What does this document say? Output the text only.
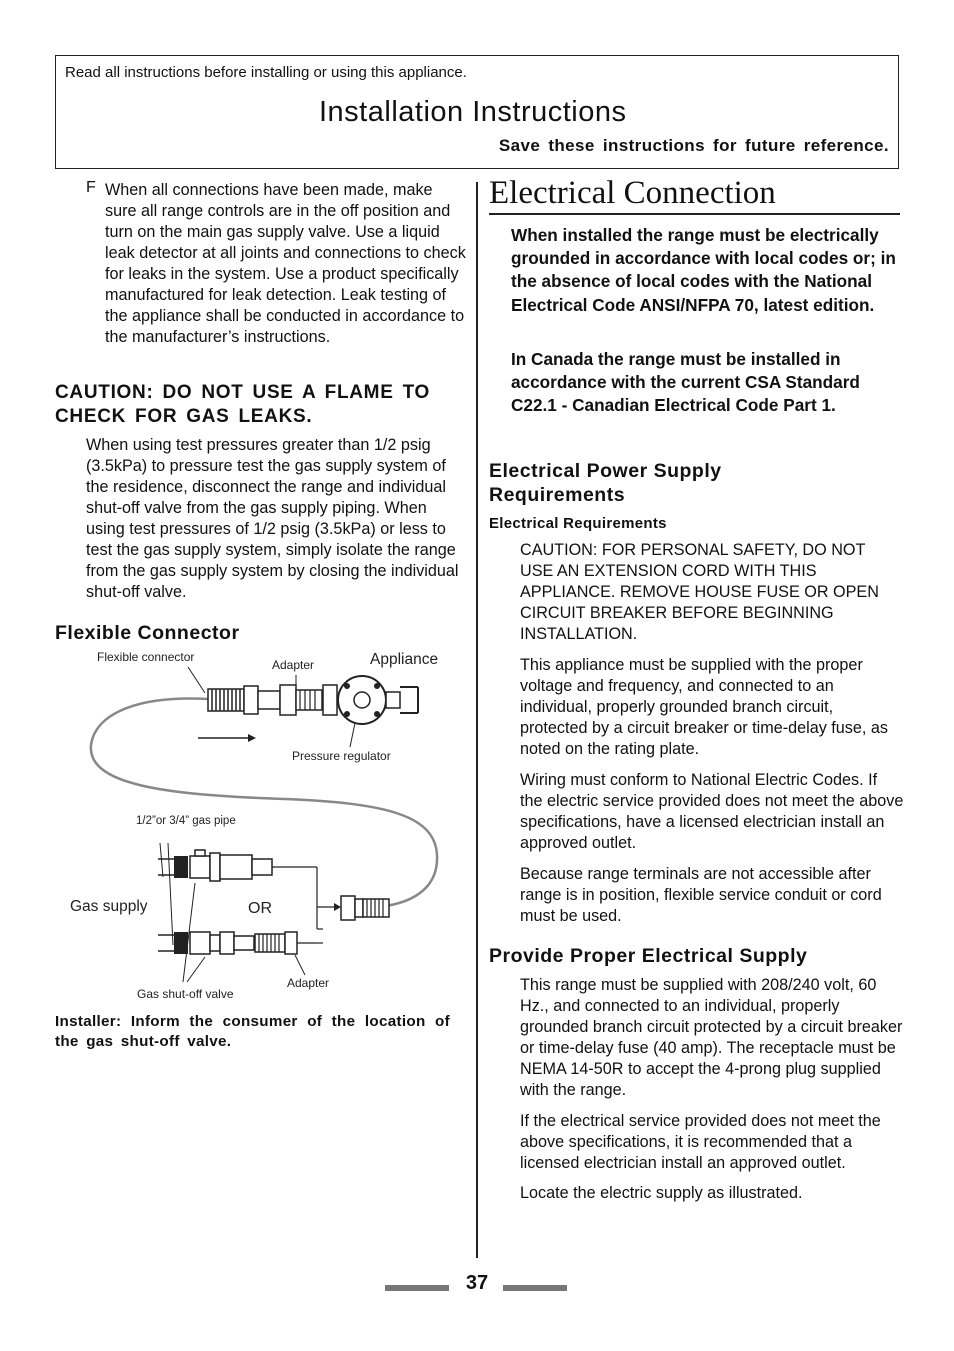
Read all instructions before installing or using this appliance.
Installation Instructions
Save these instructions for future reference.
F When all connections have been made, make sure all range controls are in the off position and turn on the main gas supply valve. Use a liquid leak detector at all joints and connections to check for leaks in the system. Use a product specifically manufactured for leak detection. Leak testing of the appliance shall be conducted in accordance to the manufacturer’s instructions.

CAUTION: DO NOT USE A FLAME TO CHECK FOR GAS LEAKS.

When using test pressures greater than 1/2 psig (3.5kPa) to pressure test the gas supply system of the residence, disconnect the range and individual shut-off valve from the gas supply piping. When using test pressures of 1/2 psig (3.5kPa) or less to test the gas supply system, simply isolate the range from the gas supply system by closing the individual shut-off valve.

Flexible Connector
Flexible connector
Adapter	Appliance
Pressure regulator
1/2”or 3/4” gas pipe
Gas supply	OR
Adapter
Gas shut-off valve

Installer: Inform the consumer of the location of the gas shut-off valve.

Electrical Connection

When installed the range must be electrically grounded in accordance with local codes or; in the absence of local codes with the National Electrical Code ANSI/NFPA 70, latest edition.

In Canada the range must be installed in accordance with the current CSA Standard C22.1 - Canadian Electrical Code Part 1.

Electrical Power Supply Requirements
Electrical Requirements

CAUTION: FOR PERSONAL SAFETY, DO NOT USE AN EXTENSION CORD WITH THIS APPLIANCE. REMOVE HOUSE FUSE OR OPEN CIRCUIT BREAKER BEFORE BEGINNING INSTALLATION.

This appliance must be supplied with the proper voltage and frequency, and connected to an individual, properly grounded branch circuit, protected by a circuit breaker or time-delay fuse, as noted on the rating plate.

Wiring must conform to National Electric Codes. If the electric service provided does not meet the above specifications, have a licensed electrician install an approved outlet.

Because range terminals are not accessible after range is in position, flexible service conduit or cord must be used.

Provide Proper Electrical Supply

This range must be supplied with 208/240 volt, 60 Hz., and connected to an individual, properly grounded branch circuit protected by a circuit breaker or time-delay fuse (40 amp). The receptacle must be NEMA 14-50R to accept the 4-prong plug supplied with the range.

If the electrical service provided does not meet the above specifications, it is recommended that a licensed electrician install an approved outlet.

Locate the electric supply as illustrated.

37
